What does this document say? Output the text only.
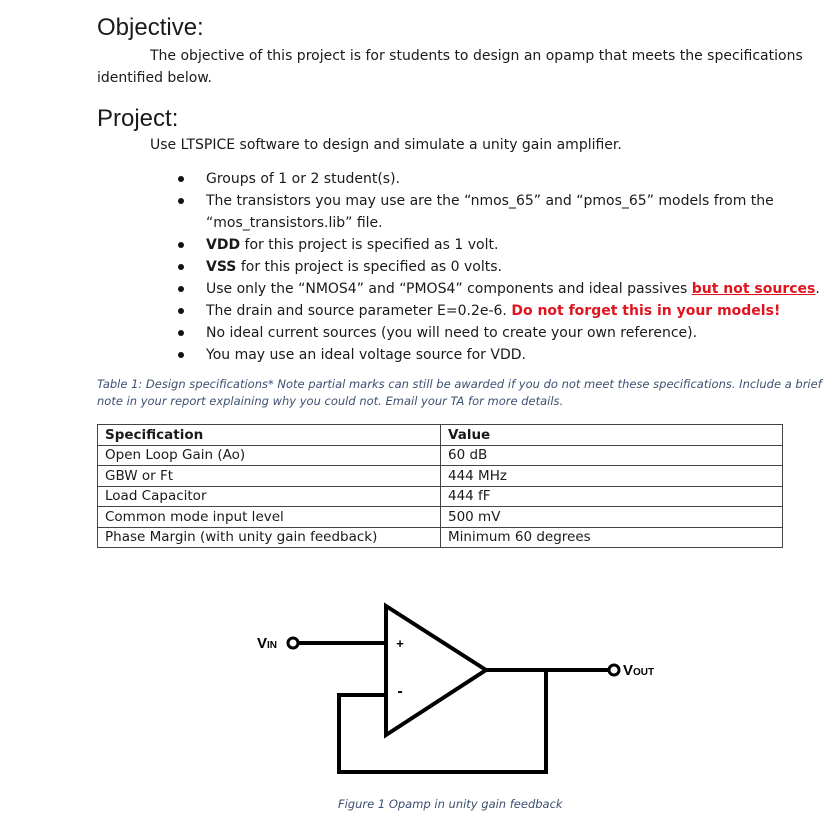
Objective:
The objective of this project is for students to design an opamp that meets the specifications
identified below.
Project:
Use LTSPICE software to design and simulate a unity gain amplifier.
Groups of 1 or 2 student(s).
The transistors you may use are the “nmos_65” and “pmos_65” models from the
“mos_transistors.lib” file.
VDD for this project is specified as 1 volt.
VSS for this project is specified as 0 volts.
Use only the “NMOS4” and “PMOS4” components and ideal passives but not sources.
The drain and source parameter E=0.2e-6. Do not forget this in your models!
No ideal current sources (you will need to create your own reference).
You may use an ideal voltage source for VDD.
Table 1: Design specifications* Note partial marks can still be awarded if you do not meet these specifications. Include a brief
note in your report explaining why you could not. Email your TA for more details.
Specification	Value
Open Loop Gain (Ao)	60 dB
GBW or Ft	444 MHz
Load Capacitor	444 fF
Common mode input level	500 mV
Phase Margin (with unity gain feedback)	Minimum 60 degrees
+
-
VIN
VOUT
Figure 1 Opamp in unity gain feedback
